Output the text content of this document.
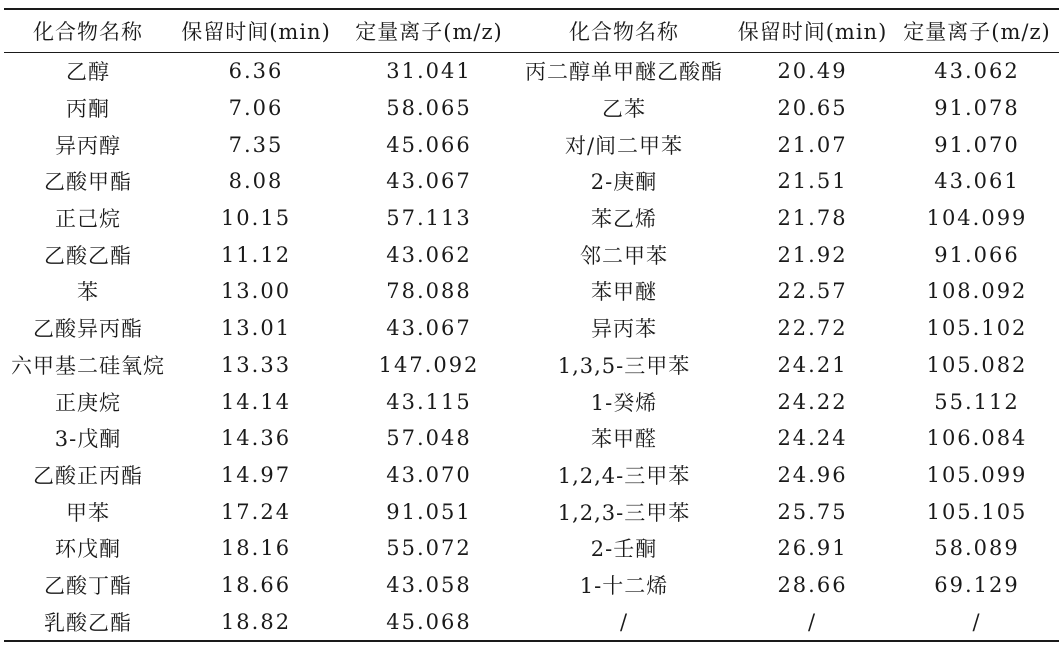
化合物名称	保留时间(min)	定量离子(m/z)	化合物名称	保留时间(min)	定量离子(m/z)
乙醇	6.36	31.041	丙二醇单甲醚乙酸酯	20.49	43.062
丙酮	7.06	58.065	乙苯	20.65	91.078
异丙醇	7.35	45.066	对/间二甲苯	21.07	91.070
乙酸甲酯	8.08	43.067	2-庚酮	21.51	43.061
正己烷	10.15	57.113	苯乙烯	21.78	104.099
乙酸乙酯	11.12	43.062	邻二甲苯	21.92	91.066
苯	13.00	78.088	苯甲醚	22.57	108.092
乙酸异丙酯	13.01	43.067	异丙苯	22.72	105.102
六甲基二硅氧烷	13.33	147.092	1,3,5-三甲苯	24.21	105.082
正庚烷	14.14	43.115	1-癸烯	24.22	55.112
3-戊酮	14.36	57.048	苯甲醛	24.24	106.084
乙酸正丙酯	14.97	43.070	1,2,4-三甲苯	24.96	105.099
甲苯	17.24	91.051	1,2,3-三甲苯	25.75	105.105
环戊酮	18.16	55.072	2-壬酮	26.91	58.089
乙酸丁酯	18.66	43.058	1-十二烯	28.66	69.129
乳酸乙酯	18.82	45.068	/	/	/
